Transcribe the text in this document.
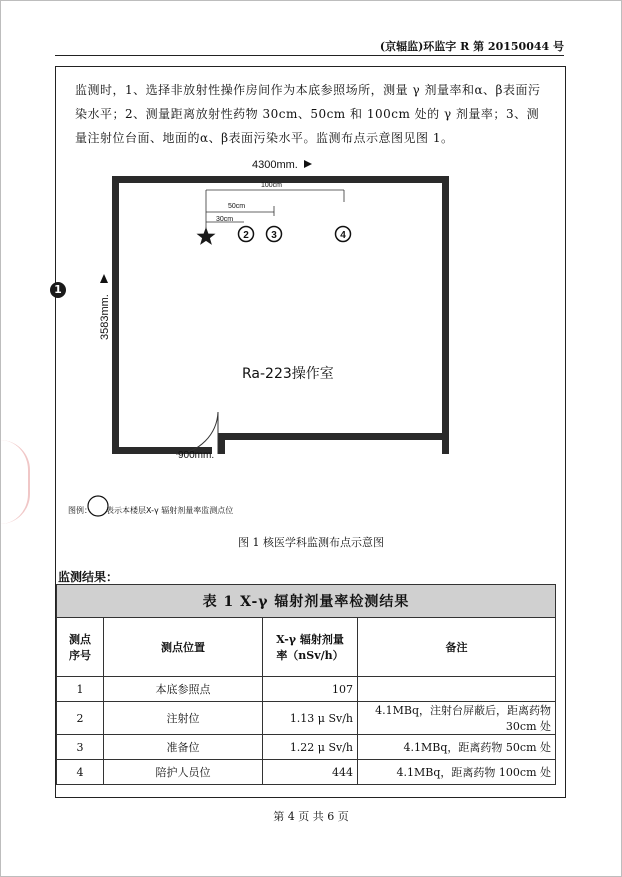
(京辐监)环监字 R 第 20150044 号
监测时，1、选择非放射性操作房间作为本底参照场所，测量 γ 剂量率和α、β表面污染水平；2、测量距离放射性药物 30cm、50cm 和 100cm 处的 γ 剂量率；3、测量注射位台面、地面的α、β表面污染水平。监测布点示意图见图 1。
1
4300mm.
3583mm.
900mm.
100cm
50cm
30cm
2 3	4
Ra-223操作室
图例： 表示本楼层X-γ 辐射剂量率监测点位
图 1 核医学科监测布点示意图
监测结果：
表 1 X-γ 辐射剂量率检测结果			
测点
序号	测点位置	X-γ 辐射剂量
率（nSv/h）	备注
1	本底参照点	107	
2	注射位	1.13 μ Sv/h	4.1MBq，注射台屏蔽后，距离药物 30cm 处
3	准备位	1.22 μ Sv/h	4.1MBq，距离药物 50cm 处
4	陪护人员位	444	4.1MBq，距离药物 100cm 处
第 4 页 共 6 页
